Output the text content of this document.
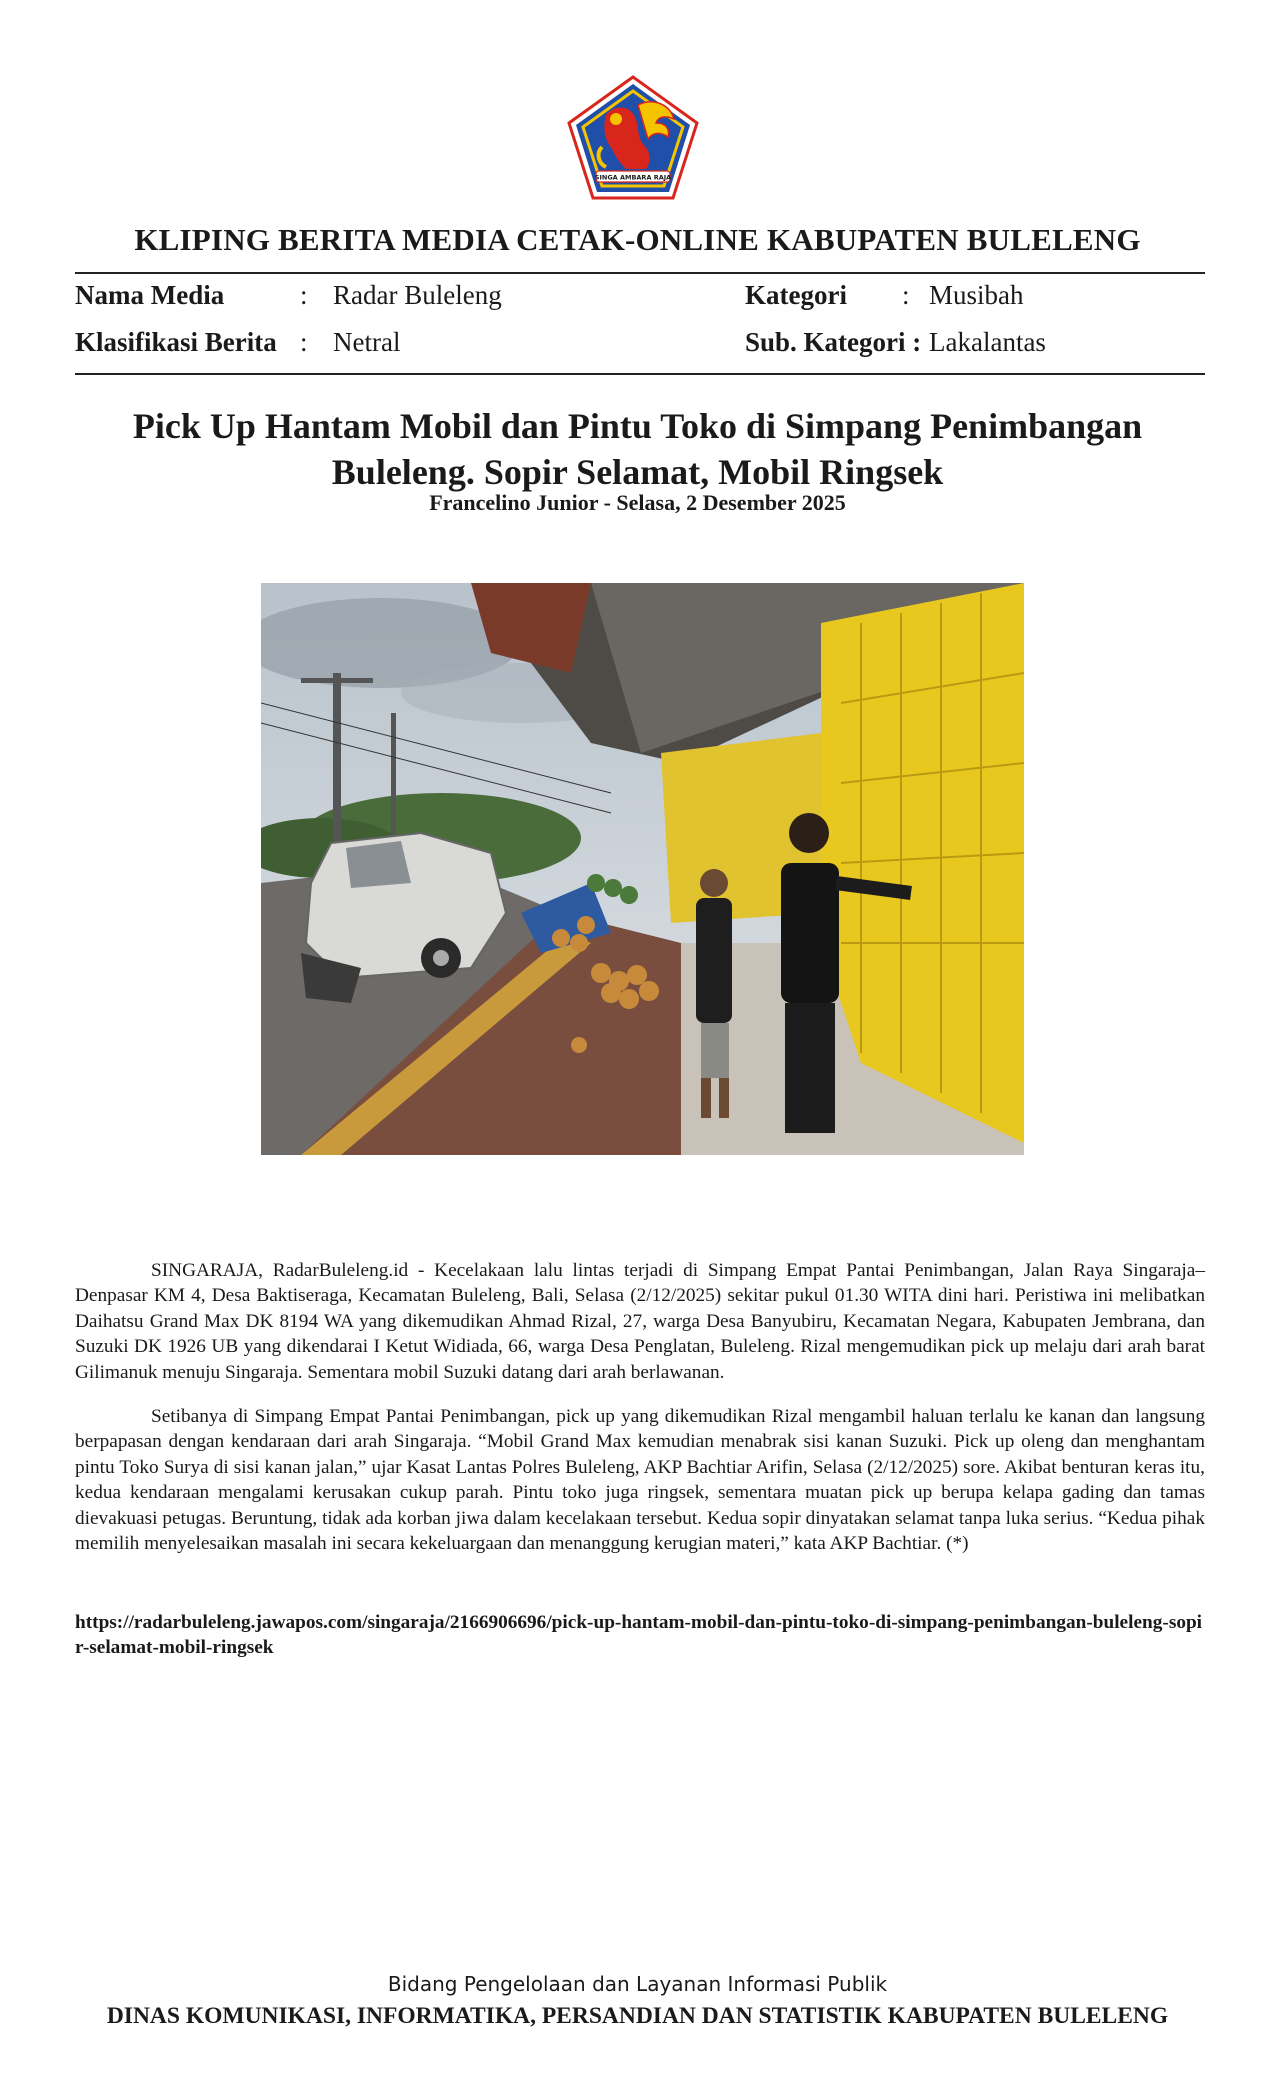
SINGA AMBARA RAJA
KLIPING BERITA MEDIA CETAK-ONLINE KABUPATEN BULELENG
Nama Media	: Radar Buleleng	Kategori : Musibah
Klasifikasi Berita : Netral	Sub. Kategori : Lakalantas
Pick Up Hantam Mobil dan Pintu Toko di Simpang Penimbangan Buleleng. Sopir Selamat, Mobil Ringsek
Francelino Junior - Selasa, 2 Desember 2025

SINGARAJA, RadarBuleleng.id - Kecelakaan lalu lintas terjadi di Simpang Empat Pantai Penimbangan, Jalan Raya Singaraja–Denpasar KM 4, Desa Baktiseraga, Kecamatan Buleleng, Bali, Selasa (2/12/2025) sekitar pukul 01.30 WITA dini hari. Peristiwa ini melibatkan Daihatsu Grand Max DK 8194 WA yang dikemudikan Ahmad Rizal, 27, warga Desa Banyubiru, Kecamatan Negara, Kabupaten Jembrana, dan Suzuki DK 1926 UB yang dikendarai I Ketut Widiada, 66, warga Desa Penglatan, Buleleng. Rizal mengemudikan pick up melaju dari arah barat Gilimanuk menuju Singaraja. Sementara mobil Suzuki datang dari arah berlawanan.

Setibanya di Simpang Empat Pantai Penimbangan, pick up yang dikemudikan Rizal mengambil haluan terlalu ke kanan dan langsung berpapasan dengan kendaraan dari arah Singaraja. “Mobil Grand Max kemudian menabrak sisi kanan Suzuki. Pick up oleng dan menghantam pintu Toko Surya di sisi kanan jalan,” ujar Kasat Lantas Polres Buleleng, AKP Bachtiar Arifin, Selasa (2/12/2025) sore. Akibat benturan keras itu, kedua kendaraan mengalami kerusakan cukup parah. Pintu toko juga ringsek, sementara muatan pick up berupa kelapa gading dan tamas dievakuasi petugas. Beruntung, tidak ada korban jiwa dalam kecelakaan tersebut. Kedua sopir dinyatakan selamat tanpa luka serius. “Kedua pihak memilih menyelesaikan masalah ini secara kekeluargaan dan menanggung kerugian materi,” kata AKP Bachtiar. (*)

https://radarbuleleng.jawapos.com/singaraja/2166906696/pick-up-hantam-mobil-dan-pintu-toko-di-simpang-penimbangan-buleleng-sopir-selamat-mobil-ringsek
Bidang Pengelolaan dan Layanan Informasi Publik
DINAS KOMUNIKASI, INFORMATIKA, PERSANDIAN DAN STATISTIK KABUPATEN BULELENG
